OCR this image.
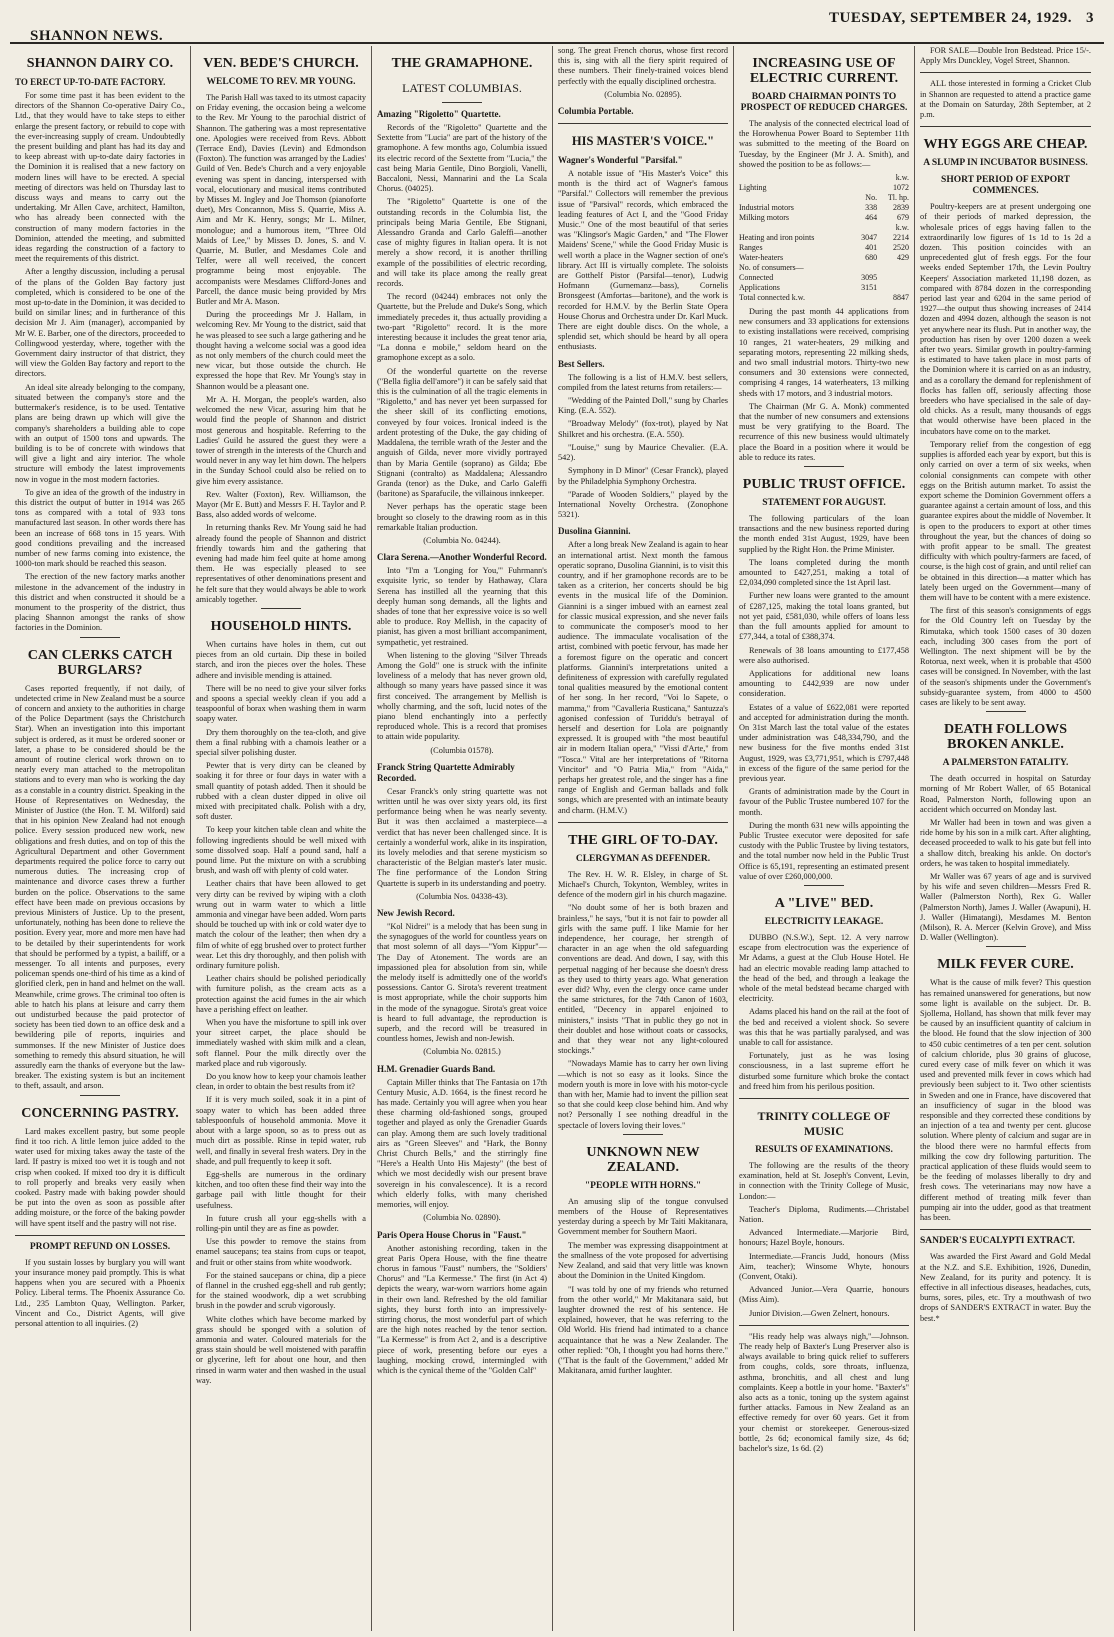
SHANNON NEWS.
TUESDAY, SEPTEMBER 24, 1929. 3
SHANNON DAIRY CO.
TO ERECT UP-TO-DATE FACTORY.

For some time past it has been evident to the directors of the Shannon Co-operative Dairy Co., Ltd., that they would have to take steps to either enlarge the present factory, or rebuild to cope with the ever-increasing supply of cream. Undoubtedly the present building and plant has had its day and to keep abreast with up-to-date dairy factories in the Dominion it is realised that a new factory on modern lines will have to be erected. A special meeting of directors was held on Thursday last to discuss ways and means to carry out the undertaking. Mr Allen Cave, architect, Hamilton, who has already been connected with the construction of many modern factories in the Dominion, attended the meeting, and submitted ideas regarding the construction of a factory to meet the requirements of this district.

After a lengthy discussion, including a perusal of the plans of the Golden Bay factory just completed, which is considered to be one of the most up-to-date in the Dominion, it was decided to build on similar lines; and in furtherance of this decision Mr J. Aim (manager), accompanied by Mr W. E. Barber, one of the directors, proceeded to Collingwood yesterday, where, together with the Government dairy instructor of that district, they will view the Golden Bay factory and report to the directors.

An ideal site already belonging to the company, situated between the company's store and the buttermaker's residence, is to be used. Tentative plans are being drawn up which will give the company's shareholders a building able to cope with an output of 1500 tons and upwards. The building is to be of concrete with windows that will give a light and airy interior. The whole structure will embody the latest improvements now in vogue in the most modern factories.

To give an idea of the growth of the industry in this district the output of butter in 1914 was 265 tons as compared with a total of 933 tons manufactured last season. In other words there has been an increase of 668 tons in 15 years. With good conditions prevailing and the increased number of new farms coming into existence, the 1000-ton mark should be reached this season.

The erection of the new factory marks another milestone in the advancement of the industry in this district and when constructed it should be a monument to the prosperity of the district, thus placing Shannon amongst the ranks of show factories in the Dominion.

CAN CLERKS CATCH BURGLARS?

Cases reported frequently, if not daily, of undetected crime in New Zealand must be a source of concern and anxiety to the authorities in charge of the Police Department (says the Christchurch Star). When an investigation into this important subject is ordered, as it must be ordered sooner or later, a phase to be considered should be the amount of routine clerical work thrown on to nearly every man attached to the metropolitan stations and to every man who is working the day as a constable in a country district. Speaking in the House of Representatives on Wednesday, the Minister of Justice (the Hon. T. M. Wilford) said that in his opinion New Zealand had not enough police. Every session produced new work, new obligations and fresh duties, and on top of this the Agricultural Department and other Government departments required the police force to carry out numerous duties. The increasing crop of maintenance and divorce cases threw a further burden on the police. Observations to the same effect have been made on previous occasions by previous Ministers of Justice. Up to the present, unfortunately, nothing has been done to relieve the position. Every year, more and more men have had to be detailed by their superintendents for work that should be performed by a typist, a bailiff, or a messenger. To all intents and purposes, every policeman spends one-third of his time as a kind of glorified clerk, pen in hand and helmet on the wall. Meanwhile, crime grows. The criminal too often is able to hatch his plans at leisure and carry them out undisturbed because the paid protector of society has been tied down to an office desk and a bewildering pile of reports, inquiries and summonses. If the new Minister of Justice does something to remedy this absurd situation, he will assuredly earn the thanks of everyone but the law-breaker. The existing system is but an incitement to theft, assault, and arson.

CONCERNING PASTRY.

Lard makes excellent pastry, but some people find it too rich. A little lemon juice added to the water used for mixing takes away the taste of the lard. If pastry is mixed too wet it is tough and not crisp when cooked. If mixed too dry it is difficult to roll properly and breaks very easily when cooked. Pastry made with baking powder should be put into the oven as soon as possible after adding moisture, or the force of the baking powder will have spent itself and the pastry will not rise.

PROMPT REFUND ON LOSSES.

If you sustain losses by burglary you will want your insurance money paid promptly. This is what happens when you are secured with a Phoenix Policy. Liberal terms. The Phoenix Assurance Co. Ltd., 235 Lambton Quay, Wellington. Parker, Vincent and Co., District Agents, will give personal attention to all inquiries. (2)

VEN. BEDE'S CHURCH.
WELCOME TO REV. MR YOUNG.

The Parish Hall was taxed to its utmost capacity on Friday evening, the occasion being a welcome to the Rev. Mr Young to the parochial district of Shannon. The gathering was a most representative one. Apologies were received from Revs. Abbott (Terrace End), Davies (Levin) and Edmondson (Foxton). The function was arranged by the Ladies' Guild of Ven. Bede's Church and a very enjoyable evening was spent in dancing, interspersed with vocal, elocutionary and musical items contributed by Misses M. Ingley and Joe Thomson (pianoforte duet), Mrs Concannon, Miss S. Quarrie, Miss A. Aim and Mr K. Henry, songs; Mr L. Milner, monologue; and a humorous item, "Three Old Maids of Lee," by Misses D. Jones, S. and V. Quarrie, M. Butler, and Mesdames Cole and Telfer, were all well received, the concert programme being most enjoyable. The accompanists were Mesdames Clifford-Jones and Parcell, the dance music being provided by Mrs Butler and Mr A. Mason.

During the proceedings Mr J. Hallam, in welcoming Rev. Mr Young to the district, said that he was pleased to see such a large gathering and he thought having a welcome social was a good idea as not only members of the church could meet the new vicar, but those outside the church. He expressed the hope that Rev. Mr Young's stay in Shannon would be a pleasant one.

Mr A. H. Morgan, the people's warden, also welcomed the new Vicar, assuring him that he would find the people of Shannon and district most generous and hospitable. Referring to the Ladies' Guild he assured the guest they were a tower of strength in the interests of the Church and would never in any way let him down. The helpers in the Sunday School could also be relied on to give him every assistance.

Rev. Walter (Foxton), Rev. Williamson, the Mayor (Mr E. Butt) and Messrs F. H. Taylor and P. Bass, also added words of welcome.

In returning thanks Rev. Mr Young said he had already found the people of Shannon and district friendly towards him and the gathering that evening had made him feel quite at home among them. He was especially pleased to see representatives of other denominations present and he felt sure that they would always be able to work amicably together.

HOUSEHOLD HINTS.

When curtains have holes in them, cut out pieces from an old curtain. Dip these in boiled starch, and iron the pieces over the holes. These adhere and invisible mending is attained.

There will be no need to give your silver forks and spoons a special weekly clean if you add a teaspoonful of borax when washing them in warm soapy water.

Dry them thoroughly on the tea-cloth, and give them a final rubbing with a chamois leather or a special silver polishing duster.

Pewter that is very dirty can be cleaned by soaking it for three or four days in water with a small quantity of potash added. Then it should be rubbed with a clean duster dipped in olive oil mixed with precipitated chalk. Polish with a dry, soft duster.

To keep your kitchen table clean and white the following ingredients should be well mixed with some dissolved soap. Half a pound sand, half a pound lime. Put the mixture on with a scrubbing brush, and wash off with plenty of cold water.

Leather chairs that have been allowed to get very dirty can be revived by wiping with a cloth wrung out in warm water to which a little ammonia and vinegar have been added. Worn parts should be touched up with ink or cold water dye to match the colour of the leather; then when dry a film of white of egg brushed over to protect further wear. Let this dry thoroughly, and then polish with ordinary furniture polish.

Leather chairs should be polished periodically with furniture polish, as the cream acts as a protection against the acid fumes in the air which have a perishing effect on leather.

When you have the misfortune to spill ink over your sitreet carpet, the place should be immediately washed with skim milk and a clean, soft flannel. Pour the milk directly over the marked place and rub vigorously.

Do you know how to keep your chamois leather clean, in order to obtain the best results from it?

If it is very much soiled, soak it in a pint of soapy water to which has been added three tablespoonfuls of household ammonia. Move it about with a large spoon, so as to press out as much dirt as possible. Rinse in tepid water, rub well, and finally in several fresh waters. Dry in the shade, and pull frequently to keep it soft.

Egg-shells are numerous in the ordinary kitchen, and too often these find their way into the garbage pail with little thought for their usefulness.

In future crush all your egg-shells with a rolling-pin until they are as fine as powder.

Use this powder to remove the stains from enamel saucepans; tea stains from cups or teapot, and fruit or other stains from white woodwork.

For the stained saucepans or china, dip a piece of flannel in the crushed egg-shell and rub gently; for the stained woodwork, dip a wet scrubbing brush in the powder and scrub vigorously.

White clothes which have become marked by grass should be sponged with a solution of ammonia and water. Coloured materials for the grass stain should be well moistened with paraffin or glycerine, left for about one hour, and then rinsed in warm water and then washed in the usual way.

THE GRAMAPHONE.
LATEST COLUMBIAS.
Amazing "Rigoletto" Quartette.

Records of the "Rigoletto" Quartette and the Sextette from "Lucia" are part of the history of the gramophone. A few months ago, Columbia issued its electric record of the Sextette from "Lucia," the cast being Maria Gentile, Dino Borgioli, Vanelli, Baccaloni, Nessi, Mannarini and the La Scala Chorus. (04025).

The "Rigoletto" Quartette is one of the outstanding records in the Columbia list, the principals being Maria Gentile, Ebe Stignani, Alessandro Granda and Carlo Galeffi—another case of mighty figures in Italian opera. It is not merely a show record, it is another thrilling example of the possibilities of electric recording, and will take its place among the really great records.

The record (04244) embraces not only the Quartette, but the Prelude and Duke's Song, which immediately precedes it, thus actually providing a two-part "Rigoletto" record. It is the more interesting because it includes the great tenor aria, "La donna e mobile," seldom heard on the gramophone except as a solo.

Of the wonderful quartette on the reverse ("Bella figlia dell'amore") it can be safely said that this is the culmination of all the tragic elements in "Rigoletto," and has never yet been surpassed for the sheer skill of its conflicting emotions, conveyed by four voices. Ironical indeed is the ardent protesting of the Duke, the gay chiding of Maddalena, the terrible wrath of the Jester and the anguish of Gilda, never more vividly portrayed than by Maria Gentile (soprano) as Gilda; Ebe Stignani (contralto) as Maddalena; Alessandro Granda (tenor) as the Duke, and Carlo Galeffi (baritone) as Sparafucile, the villainous innkeeper.

Never perhaps has the operatic stage been brought so closely to the drawing room as in this remarkable Italian production.

(Columbia No. 04244).
Clara Serena.—Another Wonderful Record.

Into "I'm a 'Longing for You,'" Fuhrmann's exquisite lyric, so tender by Hathaway, Clara Serena has instilled all the yearning that this deeply human song demands, all the lights and shades of tone that her expressive voice is so well able to produce. Roy Mellish, in the capacity of pianist, has given a most brilliant accompaniment, sympathetic, yet restrained.

When listening to the gloving "Silver Threads Among the Gold" one is struck with the infinite loveliness of a melody that has never grown old, although so many years have passed since it was first conceived. The arrangement by Mellish is wholly charming, and the soft, lucid notes of the piano blend enchantingly into a perfectly reproduced whole. This is a record that promises to attain wide popularity.

(Columbia 01578).
Franck String Quartette Admirably Recorded.

Cesar Franck's only string quartette was not written until he was over sixty years old, its first performance being when he was nearly seventy. But it was then acclaimed a masterpiece—a verdict that has never been challenged since. It is certainly a wonderful work, alike in its inspiration, its lovely melodies and that serene mysticism so characteristic of the Belgian master's later music. The fine performance of the London String Quartette is superb in its understanding and poetry.

(Columbia Nos. 04338-43).
New Jewish Record.

"Kol Nidrei" is a melody that has been sung in the synagogues of the world for countless years on that most solemn of all days—"Yom Kippur"—The Day of Atonement. The words are an impassioned plea for absolution from sin, while the melody itself is admittedly one of the world's possessions. Cantor G. Sirota's reverent treatment is most appropriate, while the choir supports him in the mode of the synagogue. Sirota's great voice is heard to full advantage, the reproduction is superb, and the record will be treasured in countless homes, Jewish and non-Jewish.

(Columbia No. 02815.)
H.M. Grenadier Guards Band.

Captain Miller thinks that The Fantasia on 17th Century Music, A.D. 1664, is the finest record he has made. Certainly you will agree when you hear these charming old-fashioned songs, grouped together and played as only the Grenadier Guards can play. Among them are such lovely traditional airs as "Green Sleeves" and "Hark, the Bonny Christ Church Bells," and the stirringly fine "Here's a Health Unto His Majesty" (the best of which we most decidedly wish our present brave sovereign in his convalescence). It is a record which elderly folks, with many cherished memories, will enjoy.

(Columbia No. 02890).
Paris Opera House Chorus in "Faust."

Another astonishing recording, taken in the great Paris Opera House, with the fine theatre chorus in famous "Faust" numbers, the "Soldiers' Chorus" and "La Kermesse." The first (in Act 4) depicts the weary, war-worn warriors home again in their own land. Refreshed by the old familiar sights, they burst forth into an impressively-stirring chorus, the most wonderful part of which are the high notes reached by the tenor section. "La Kermesse" is from Act 2, and is a descriptive piece of work, presenting before our eyes a laughing, mocking crowd, intermingled with which is the cynical theme of the "Golden Calf"

song. The great French chorus, whose first record this is, sing with all the fiery spirit required of these numbers. Their finely-trained voices blend perfectly with the equally disciplined orchestra.

(Columbia No. 02895).
Columbia Portable.
HIS MASTER'S VOICE."
Wagner's Wonderful "Parsifal."

A notable issue of "His Master's Voice" this month is the third act of Wagner's famous "Parsifal." Collectors will remember the previous issue of "Parsival" records, which embraced the leading features of Act I, and the "Good Friday Music." One of the most beautiful of that series was "Klingsor's Magic Garden," and "The Flower Maidens' Scene," while the Good Friday Music is well worth a place in the Wagner section of one's library. Act III is virtually complete. The soloists are Gotthelf Pistor (Parsifal—tenor), Ludwig Hofmann (Gurnemanz—bass), Cornelis Bronsgeest (Amfortas—baritone), and the work is recorded for H.M.V. by the Berlin State Opera House Chorus and Orchestra under Dr. Karl Muck. There are eight double discs. On the whole, a splendid set, which should be heard by all opera enthusiasts.

Best Sellers.

The following is a list of H.M.V. best sellers, compiled from the latest returns from retailers:—

"Wedding of the Painted Doll," sung by Charles King. (E.A. 552).

"Broadway Melody" (fox-trot), played by Nat Shilkret and his orchestra. (E.A. 550).

"Louise," sung by Maurice Chevalier. (E.A. 542).

Symphony in D Minor" (Cesar Franck), played by the Philadelphia Symphony Orchestra.

"Parade of Wooden Soldiers," played by the International Novelty Orchestra. (Zonophone 5321).

Dusolina Giannini.

After a long break New Zealand is again to hear an international artist. Next month the famous operatic soprano, Dusolina Giannini, is to visit this country, and if her gramophone records are to be taken as a criterion, her concerts should be big events in the musical life of the Dominion. Giannini is a singer imbued with an earnest zeal for classic musical expression, and she never fails to communicate the composer's mood to her audience. The immaculate vocalisation of the artist, combined with poetic fervour, has made her a foremost figure on the operatic and concert platforms. Giannini's interpretations united a definiteness of expression with carefully regulated tonal qualities measured by the emotional content of her song. In her record, "Voi lo Sapete, o mamma," from "Cavalleria Rusticana," Santuzza's agonised confession of Turiddu's betrayal of herself and desertion for Lola are poignantly expressed. It is grouped with "the most beautiful air in modern Italian opera," "Vissi d'Arte," from "Tosca." Vital are her interpretations of "Ritorna Vincitor" and "O Patria Mia," from "Aida," perhaps her greatest role, and the singer has a fine range of English and German ballads and folk songs, which are presented with an intimate beauty and charm. (H.M.V.)

THE GIRL OF TO-DAY.
CLERGYMAN AS DEFENDER.

The Rev. H. W. R. Elsley, in charge of St. Michael's Church, Tokynton, Wembley, writes in defence of the modern girl in his church magazine.

"No doubt some of her is both brazen and brainless," he says, "but it is not fair to powder all girls with the same puff. I like Mamie for her independence, her courage, her strength of character in an age when the old safeguarding conventions are dead. And down, I say, with this perpetual nagging of her because she doesn't dress as they used to thirty years ago. What generation ever did? Why, even the clergy once came under the same strictures, for the 74th Canon of 1603, entitled, "Decency in apparel enjoined to ministers," insists "That in public they go not in their doublet and hose without coats or cassocks, and that they wear not any light-coloured stockings."

"Nowadays Mamie has to carry her own living—which is not so easy as it looks. Since the modern youth is more in love with his motor-cycle than with her, Mamie had to invent the pillion seat so that she could keep close behind him. And why not? Personally I see nothing dreadful in the spectacle of lovers loving their loves."

UNKNOWN NEW ZEALAND.
"PEOPLE WITH HORNS."

An amusing slip of the tongue convulsed members of the House of Representatives yesterday during a speech by Mr Taiti Makitanara, Government member for Southern Maori.

The member was expressing disappointment at the smallness of the vote proposed for advertising New Zealand, and said that very little was known about the Dominion in the United Kingdom.

"I was told by one of my friends who returned from the other world," Mr Makitanara said, but laughter drowned the rest of his sentence. He explained, however, that he was referring to the Old World. His friend had intimated to a chance acquaintance that he was a New Zealander. The other replied: "Oh, I thought you had horns there." ("That is the fault of the Government," added Mr Makitanara, amid further laughter.

INCREASING USE OF ELECTRIC CURRENT.
BOARD CHAIRMAN POINTS TO PROSPECT OF REDUCED CHARGES.

The analysis of the connected electrical load of the Horowhenua Power Board to September 11th was submitted to the meeting of the Board on Tuesday, by the Engineer (Mr J. A. Smith), and showed the position to be as follows:—

		k.w.
Lighting		1072
	No.	Tl. hp.
Industrial motors	338	2839
Milking motors	464	679
		k.w.
Heating and iron points	3047	2214
Ranges	401	2520
Water-heaters	680	429
No. of consumers—		
Connected	3095	
Applications	3151	
Total connected k.w.		8847

During the past month 44 applications from new consumers and 33 applications for extensions to existing installations were received, comprising 10 ranges, 21 water-heaters, 29 milking and separating motors, representing 22 milking sheds, and two small industrial motors. Thirty-two new consumers and 30 extensions were connected, comprising 4 ranges, 14 waterheaters, 13 milking sheds with 17 motors, and 3 industrial motors.

The Chairman (Mr G. A. Monk) commented that the number of new consumers and extensions must be very gratifying to the Board. The recurrence of this new business would ultimately place the Board in a position where it would be able to reduce its rates.

PUBLIC TRUST OFFICE.
STATEMENT FOR AUGUST.

The following particulars of the loan transactions and the new business reported during the month ended 31st August, 1929, have been supplied by the Right Hon. the Prime Minister.

The loans completed during the month amounted to £427,251, making a total of £2,034,090 completed since the 1st April last.

Further new loans were granted to the amount of £287,125, making the total loans granted, but not yet paid, £581,030, while offers of loans less than the full amounts applied for amount to £77,344, a total of £388,374.

Renewals of 38 loans amounting to £177,458 were also authorised.

Applications for additional new loans amounting to £442,939 are now under consideration.

Estates of a value of £622,081 were reported and accepted for administration during the month. On 31st March last the total value of the estates under administration was £48,334,790, and the new business for the five months ended 31st August, 1929, was £3,771,951, which is £797,448 in excess of the figure of the same period for the previous year.

Grants of administration made by the Court in favour of the Public Trustee numbered 107 for the month.

During the month 631 new wills appointing the Public Trustee executor were deposited for safe custody with the Public Trustee by living testators, and the total number now held in the Public Trust Office is 65,191, representing an estimated present value of over £260,000,000.

A "LIVE" BED.
ELECTRICITY LEAKAGE.

DUBBO (N.S.W.), Sept. 12. A very narrow escape from electrocution was the experience of Mr Adams, a guest at the Club House Hotel. He had an electric movable reading lamp attached to the head of the bed, and through a leakage the whole of the metal bedstead became charged with electricity.

Adams placed his hand on the rail at the foot of the bed and received a violent shock. So severe was this that he was partially paralysed, and was unable to call for assistance.

Fortunately, just as he was losing consciousness, in a last supreme effort he disturbed some furniture which broke the contact and freed him from his perilous position.

TRINITY COLLEGE OF MUSIC
RESULTS OF EXAMINATIONS.

The following are the results of the theory examination, held at St. Joseph's Convent, Levin, in connection with the Trinity College of Music, London:—

Teacher's Diploma, Rudiments.—Christabel Nation.

Advanced Intermediate.—Marjorie Bird, honours; Hazel Boyle, honours.

Intermediate.—Francis Judd, honours (Miss Aim, teacher); Winsome Whyte, honours (Convent, Otaki).

Advanced Junior.—Vera Quarrie, honours (Miss Aim).

Junior Division.—Gwen Zelnert, honours.

"His ready help was always nigh,"—Johnson. The ready help of Baxter's Lung Preserver also is always available to bring quick relief to sufferers from coughs, colds, sore throats, influenza, asthma, bronchitis, and all chest and lung complaints. Keep a bottle in your home. "Baxter's" also acts as a tonic, toning up the system against further attacks. Famous in New Zealand as an effective remedy for over 60 years. Get it from your chemist or storekeeper. Generous-sized bottle, 2s 6d; economical family size, 4s 6d; bachelor's size, 1s 6d. (2)

FOR SALE—Double Iron Bedstead. Price 15/-. Apply Mrs Dunckley, Vogel Street, Shannon.

ALL those interested in forming a Cricket Club in Shannon are requested to attend a practice game at the Domain on Saturday, 28th September, at 2 p.m.

WHY EGGS ARE CHEAP.
A SLUMP IN INCUBATOR BUSINESS.
SHORT PERIOD OF EXPORT COMMENCES.

Poultry-keepers are at present undergoing one of their periods of marked depression, the wholesale prices of eggs having fallen to the extraordinarily low figures of 1s 1d to 1s 2d a dozen. This position coincides with an unprecedented glut of fresh eggs. For the four weeks ended September 17th, the Levin Poultry Keepers' Association marketed 11,198 dozen, as compared with 8784 dozen in the corresponding period last year and 6204 in the same period of 1927—the output thus showing increases of 2414 dozen and 4994 dozen, although the season is not yet anywhere near its flush. Put in another way, the production has risen by over 1200 dozen a week after two years. Similar growth in poultry-farming is estimated to have taken place in most parts of the Dominion where it is carried on as an industry, and as a corollary the demand for replenishment of flocks has fallen off, seriously affecting those breeders who have specialised in the sale of day-old chicks. As a result, many thousands of eggs that would otherwise have been placed in the incubators have come on to the market.

Temporary relief from the congestion of egg supplies is afforded each year by export, but this is only carried on over a term of six weeks, when colonial consignments can compete with other eggs on the British autumn market. To assist the export scheme the Dominion Government offers a guarantee against a certain amount of loss, and this guarantee expires about the middle of November. It is open to the producers to export at other times throughout the year, but the chances of doing so with profit appear to be small. The greatest difficulty with which poultry-farmers are faced, of course, is the high cost of grain, and until relief can be obtained in this direction—a matter which has lately been urged on the Government—many of them will have to be content with a mere existence.

The first of this season's consignments of eggs for the Old Country left on Tuesday by the Rimutaka, which took 1500 cases of 30 dozen each, including 300 cases from the port of Wellington. The next shipment will be by the Rotorua, next week, when it is probable that 4500 cases will be consigned. In November, with the last of the season's shipments under the Government's subsidy-guarantee system, from 4000 to 4500 cases are likely to be sent away.

DEATH FOLLOWS BROKEN ANKLE.
A PALMERSTON FATALITY.

The death occurred in hospital on Saturday morning of Mr Robert Waller, of 65 Botanical Road, Palmerston North, following upon an accident which occurred on Monday last.

Mr Waller had been in town and was given a ride home by his son in a milk cart. After alighting, deceased proceeded to walk to his gate but fell into a shallow ditch, breaking his ankle. On doctor's orders, he was taken to hospital immediately.

Mr Waller was 67 years of age and is survived by his wife and seven children—Messrs Fred R. Waller (Palmerston North), Rex G. Waller (Palmerston North), James J. Waller (Awapuni), H. J. Waller (Himatangi), Mesdames M. Benton (Milson), R. A. Mercer (Kelvin Grove), and Miss D. Waller (Wellington).

MILK FEVER CURE.

What is the cause of milk fever? This question has remained unanswered for generations, but now some light is available on the subject. Dr. B. Sjollema, Holland, has shown that milk fever may be caused by an insufficient quantity of calcium in the blood. He found that the slow injection of 300 to 450 cubic centimetres of a ten per cent. solution of calcium chloride, plus 30 grains of glucose, cured every case of milk fever on which it was used and prevented milk fever in cows which had previously been subject to it. Two other scientists in Sweden and one in France, have discovered that an insufficiency of sugar in the blood was responsible and they corrected these conditions by an injection of a tea and twenty per cent. glucose solution. Where plenty of calcium and sugar are in the blood there were no harmful effects from milking the cow dry following parturition. The practical application of these fluids would seem to be the feeding of molasses liberally to dry and fresh cows. The veterinarians may now have a different method of treating milk fever than pumping air into the udder, good as that treatment has been.

SANDER'S EUCALYPTI EXTRACT.

Was awarded the First Award and Gold Medal at the N.Z. and S.E. Exhibition, 1926, Dunedin, New Zealand, for its purity and potency. It is effective in all infectious diseases, headaches, cuts, burns, sores, piles, etc. Try a mouthwash of two drops of SANDER'S EXTRACT in water. Buy the best.*
